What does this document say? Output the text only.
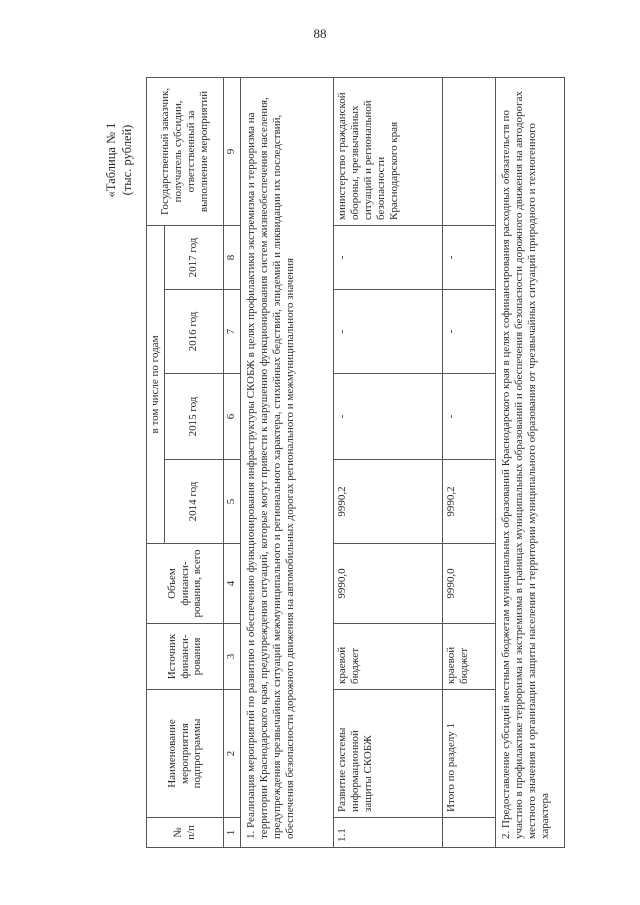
88
«Таблица № 1 (тыс. рублей)
№ п/п	Наименование мероприятия подпрограммы	Источник финанси-рования	Объем финанси-рования, всего	в том числе по годам				Государственный заказчик, получатель субсидии, ответственный за выполнение мероприятий
				2014 год	2015 год	2016 год	2017 год	
1	2	3	4	5	6	7	8	9
1. Реализация мероприятий по развитию и обеспечению функционирования инфраструктуры СКОБЖ в целях профилактики экстремизма и терроризма на территории Краснодарского края, предупреждения ситуаций, которые могут привести к нарушению функционирования систем жизнеобеспечения населения, предупреждения чрезвычайных ситуаций межмуниципального и регионального характера, стихийных бедствий, эпидемий и ликвидации их последствий, обеспечения безопасности дорожного движения на автомобильных дорогах регионального и межмуниципального значения								
1.1	Развитие системы информационной защиты СКОБЖ	краевой бюджет	9990,0	9990,2	-	-	-	министерство гражданской обороны, чрезвычайных ситуаций и региональной безопасности Краснодарского края
	Итого по разделу 1	краевой бюджет	9990,0	9990,2	-	-	-	
2. Предоставление субсидий местным бюджетам муниципальных образований Краснодарского края в целях софинансирования расходных обязательств по участию в профилактике терроризма и экстремизма в границах муниципальных образований и обеспечения безопасности дорожного движения на автодорогах местного значения и организации защиты населения и территории муниципального образования от чрезвычайных ситуаций природного и техногенного характера								
